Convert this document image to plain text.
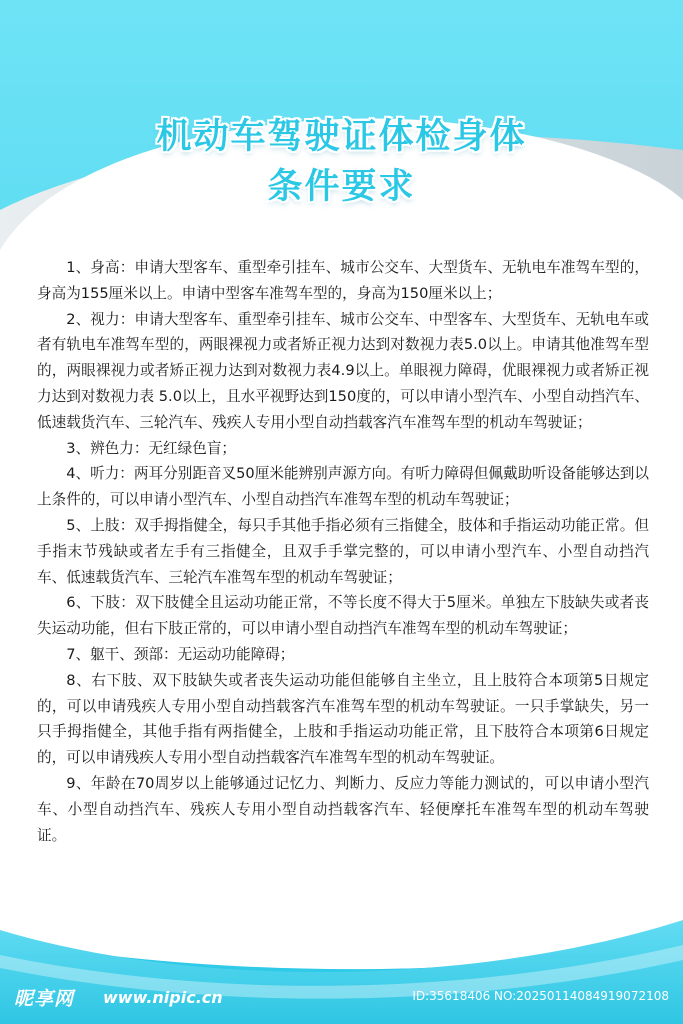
机动车驾驶证体检身体
条件要求

1、身高：申请大型客车、重型牵引挂车、城市公交车、大型货车、无轨电车准驾车型的，身高为155厘米以上。申请中型客车准驾车型的，身高为150厘米以上；

2、视力：申请大型客车、重型牵引挂车、城市公交车、中型客车、大型货车、无轨电车或者有轨电车准驾车型的，两眼裸视力或者矫正视力达到对数视力表5.0以上。申请其他准驾车型的，两眼裸视力或者矫正视力达到对数视力表4.9以上。单眼视力障碍，优眼裸视力或者矫正视力达到对数视力表 5.0以上，且水平视野达到150度的，可以申请小型汽车、小型自动挡汽车、低速载货汽车、三轮汽车、残疾人专用小型自动挡载客汽车准驾车型的机动车驾驶证；

3、辨色力：无红绿色盲；

4、听力：两耳分别距音叉50厘米能辨别声源方向。有听力障碍但佩戴助听设备能够达到以上条件的，可以申请小型汽车、小型自动挡汽车准驾车型的机动车驾驶证；

5、上肢：双手拇指健全，每只手其他手指必须有三指健全，肢体和手指运动功能正常。但手指末节残缺或者左手有三指健全，且双手手掌完整的，可以申请小型汽车、小型自动挡汽车、低速载货汽车、三轮汽车准驾车型的机动车驾驶证；

6、下肢：双下肢健全且运动功能正常，不等长度不得大于5厘米。单独左下肢缺失或者丧失运动功能，但右下肢正常的，可以申请小型自动挡汽车准驾车型的机动车驾驶证；

7、躯干、颈部：无运动功能障碍；

8、右下肢、双下肢缺失或者丧失运动功能但能够自主坐立，且上肢符合本项第5日规定的，可以申请残疾人专用小型自动挡载客汽车准驾车型的机动车驾驶证。一只手掌缺失，另一只手拇指健全，其他手指有两指健全，上肢和手指运动功能正常，且下肢符合本项第6日规定的，可以申请残疾人专用小型自动挡载客汽车准驾车型的机动车驾驶证。

9、年龄在70周岁以上能够通过记忆力、判断力、反应力等能力测试的，可以申请小型汽车、小型自动挡汽车、残疾人专用小型自动挡载客汽车、轻便摩托车准驾车型的机动车驾驶证。

昵享网 www.nipic.cn	ID:35618406 NO:20250114084919072108
